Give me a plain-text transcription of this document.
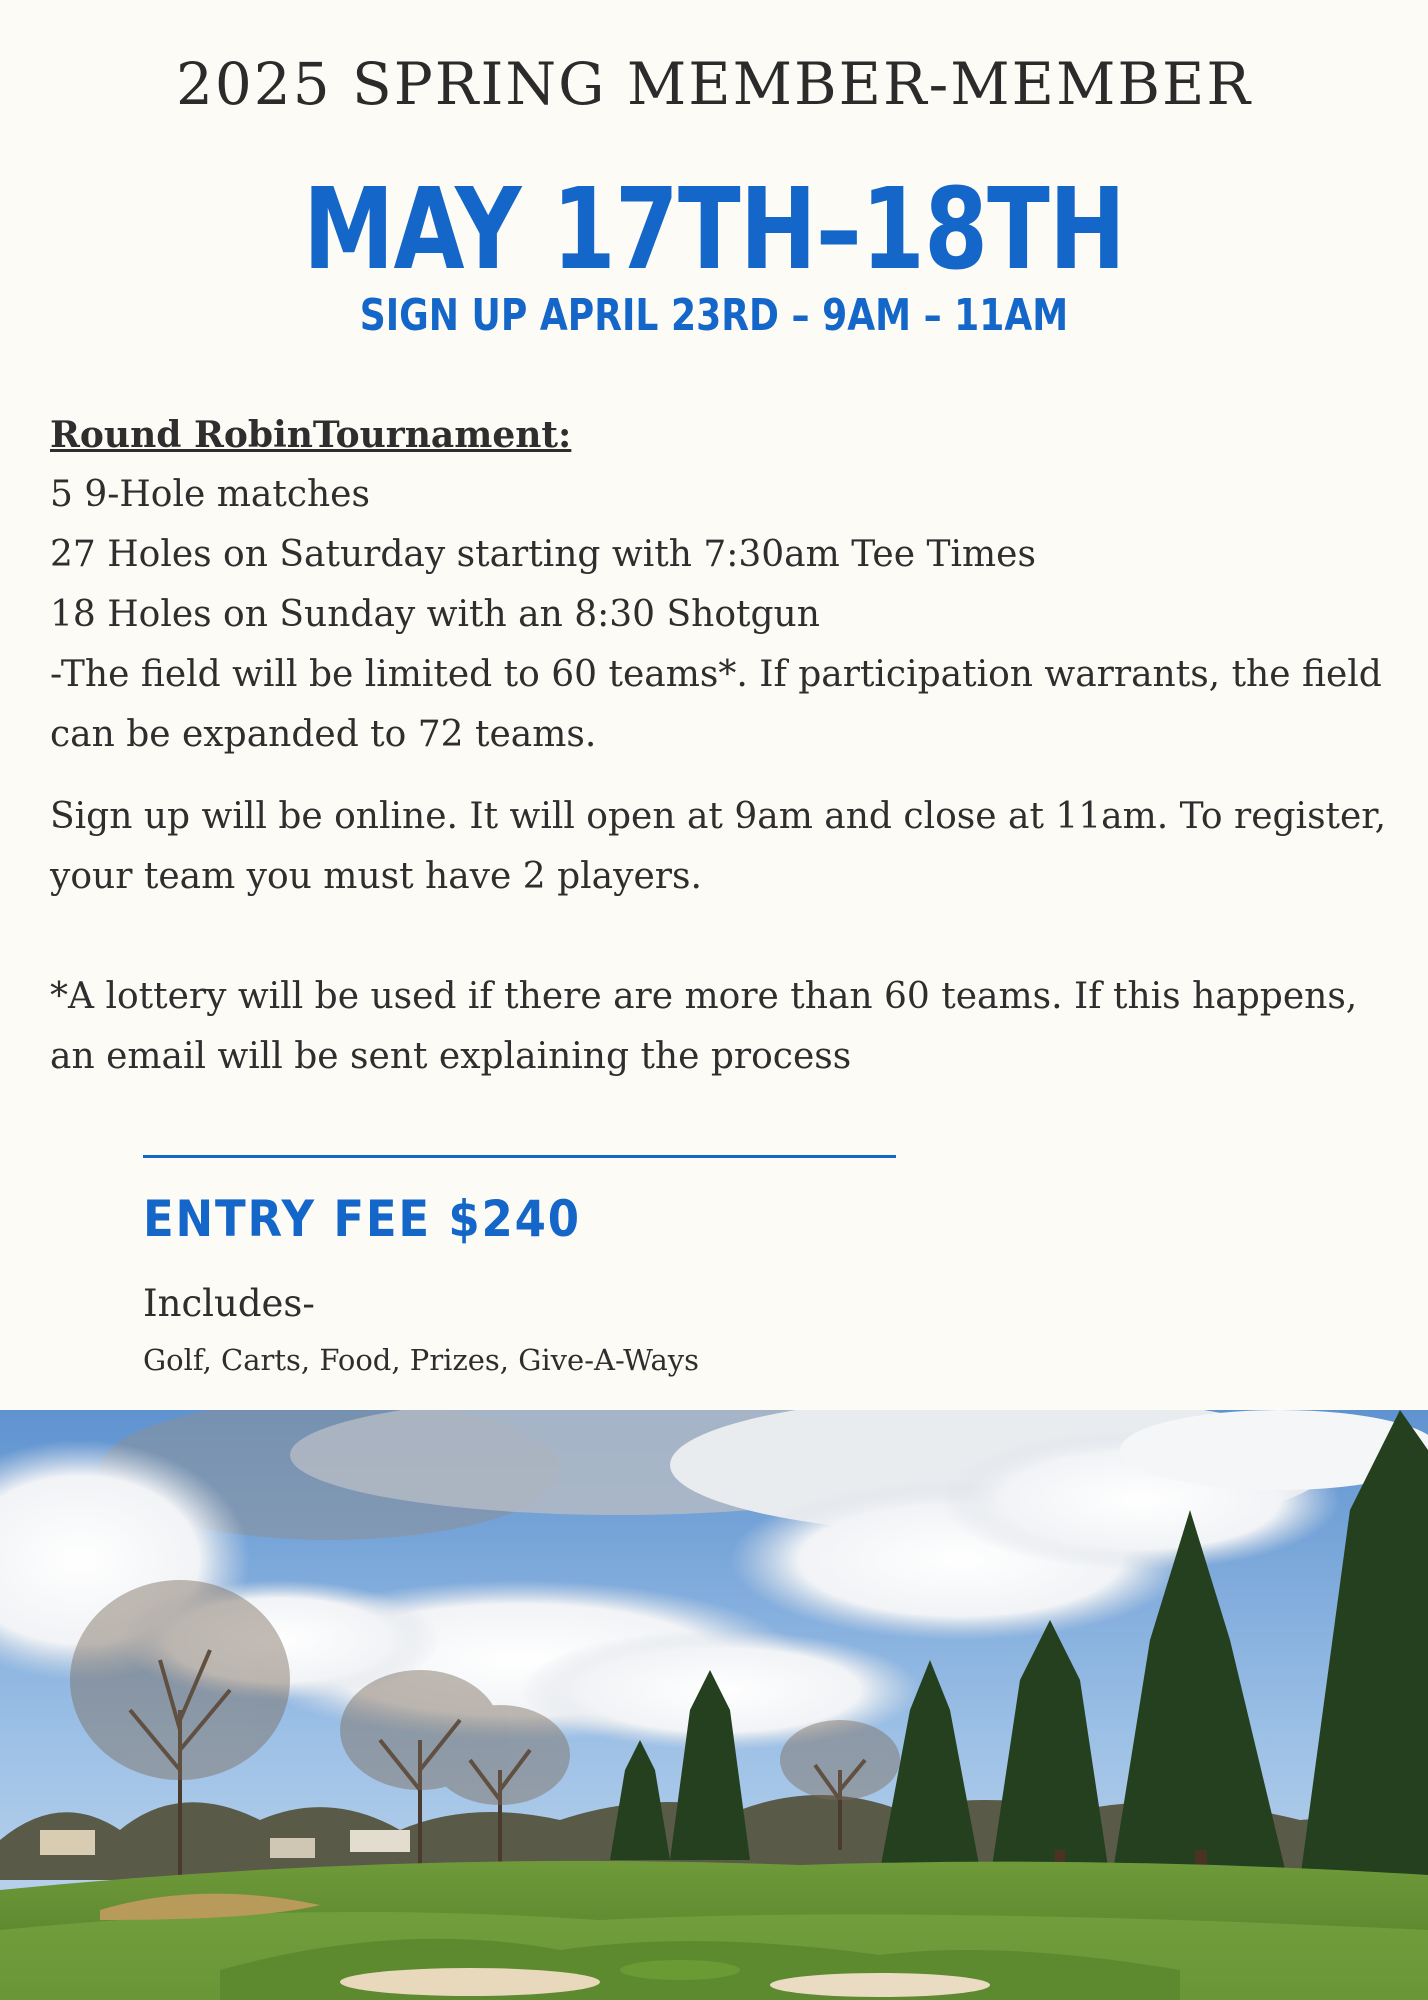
2025 SPRING MEMBER-MEMBER
MAY 17TH–18TH
SIGN UP APRIL 23RD – 9AM – 11AM

Round RobinTournament:

5 9-Hole matches

27 Holes on Saturday starting with 7:30am Tee Times

18 Holes on Sunday with an 8:30 Shotgun

-The field will be limited to 60 teams*. If participation warrants, the field can be expanded to 72 teams.

Sign up will be online. It will open at 9am and close at 11am. To register, your team you must have 2 players.

*A lottery will be used if there are more than 60 teams. If this happens, an email will be sent explaining the process

ENTRY FEE $240
Includes-
Golf, Carts, Food, Prizes, Give-A-Ways
